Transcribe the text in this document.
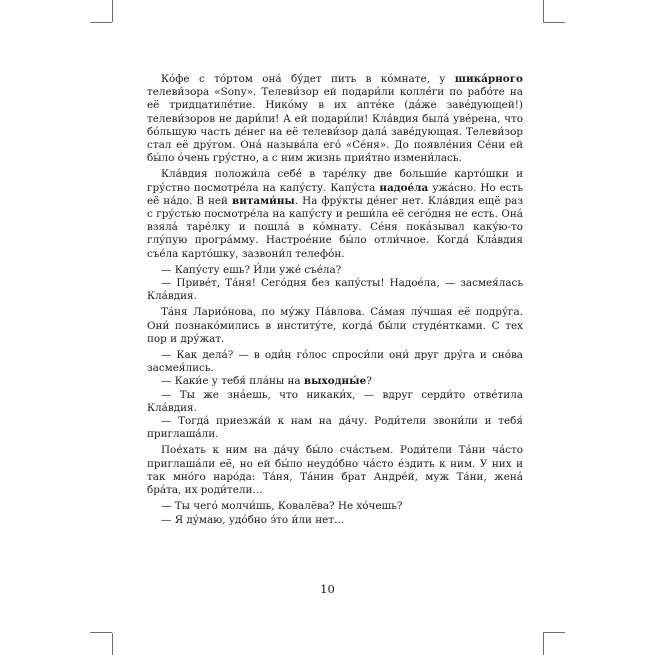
Ко́фе с то́ртом она́ бу́дет пить в ко́мнате, у шика́рного телеви́зора «Sony». Телеви́зор ей подари́ли колле́ги по рабо́те на её тридцатиле́тие. Нико́му в их апте́ке (да́же заве́дующей!) телеви́зоров не дари́ли! А ей подари́ли! Кла́вдия была́ уве́рена, что бо́льшую часть де́нег на её телеви́зор дала́ заве́дующая. Телеви́зор стал её дру́гом. Она́ называ́ла его́ «Се́ня». До появле́ния Се́ни ей бы́ло о́чень гру́стно, а с ним жизнь прия́тно измени́лась.

Кла́вдия положи́ла себе́ в таре́лку две больши́е карто́шки и гру́стно посмотре́ла на капу́сту. Капу́ста надое́ла ужа́сно. Но есть её на́до. В ней витами́ны. На фру́кты де́нег нет. Кла́вдия ещё раз с гру́стью посмотре́ла на капу́сту и реши́ла её сего́дня не есть. Она́ взяла́ таре́лку и пошла́ в ко́мнату. Се́ня пока́зывал каку́ю-то глу́пую програ́мму. Настрое́ние бы́ло отли́чное. Когда́ Кла́вдия съе́ла карто́шку, зазвони́л телефо́н.

— Капу́сту ешь? И́ли уже́ съе́ла?

— Приве́т, Та́ня! Сего́дня без капу́сты! Надое́ла, — засмея́лась Кла́вдия.

Та́ня Ларио́нова, по му́жу Па́влова. Са́мая лу́чшая её подру́га. Они́ познако́мились в институ́те, когда́ бы́ли студе́нтками. С тех пор и дру́жат.

— Как дела́? — в оди́н го́лос спроси́ли они́ друг дру́га и сно́ва засмея́лись.

— Каки́е у тебя́ пла́ны на выходны́е?

— Ты же зна́ешь, что никаки́х, — вдруг серди́то отве́тила Кла́вдия.

— Тогда́ приезжа́й к нам на да́чу. Роди́тели звони́ли и тебя́ приглаша́ли.

Пое́хать к ним на да́чу бы́ло сча́стьем. Роди́тели Та́ни ча́сто приглаша́ли её, но ей бы́ло неудо́бно ча́сто е́здить к ним. У них и так мно́го наро́да: Та́ня, Та́нин брат Андре́й, муж Та́ни, жена́ бра́та, их роди́тели…

— Ты чего́ молчи́шь, Ковалёва? Не хо́чешь?

— Я ду́маю, удо́бно э́то и́ли нет…

10
